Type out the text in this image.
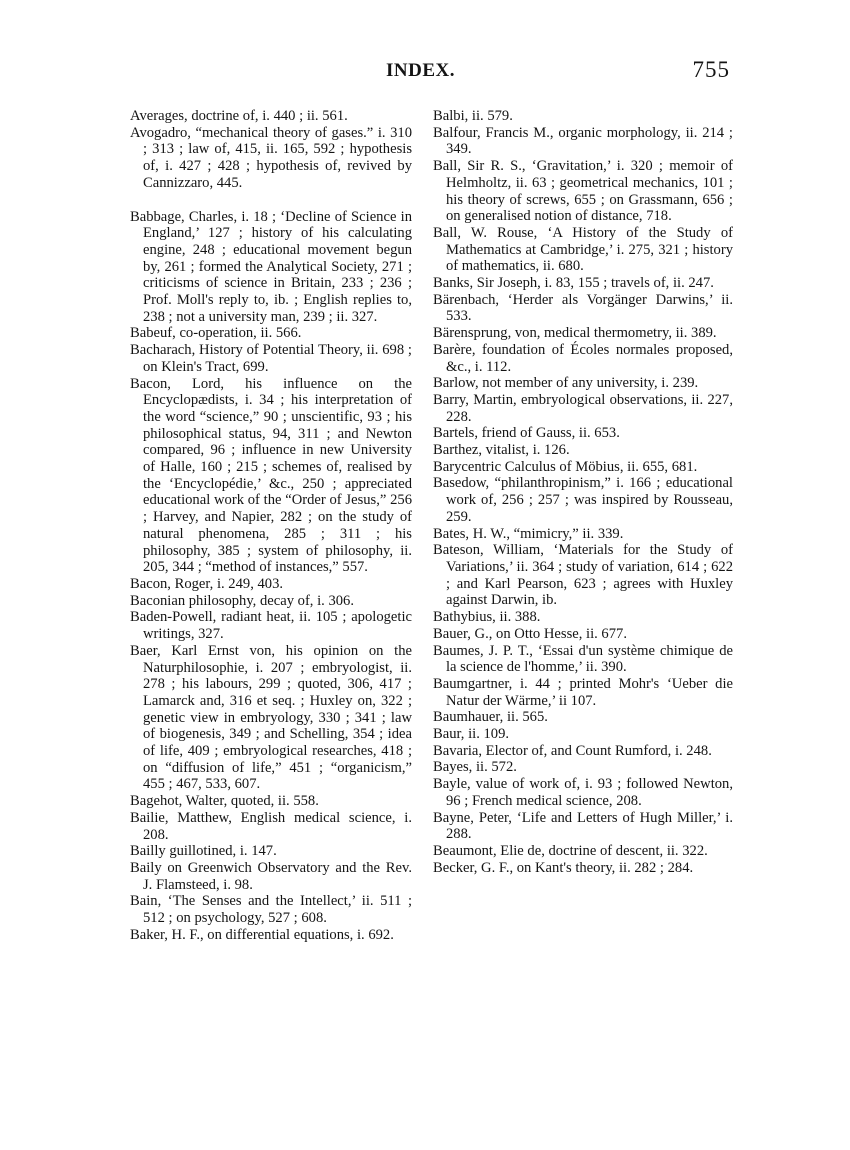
INDEX.	755

Averages, doctrine of, i. 440 ; ii. 561.

Avogadro, “mechanical theory of gases.” i. 310 ; 313 ; law of, 415, ii. 165, 592 ; hypothesis of, i. 427 ; 428 ; hypothesis of, revived by Cannizzaro, 445.

Babbage, Charles, i. 18 ; ‘Decline of Science in England,’ 127 ; history of his calculating engine, 248 ; educational movement begun by, 261 ; formed the Analytical Society, 271 ; criticisms of science in Britain, 233 ; 236 ; Prof. Moll's reply to, ib. ; English replies to, 238 ; not a university man, 239 ; ii. 327.

Babeuf, co-operation, ii. 566.

Bacharach, History of Potential Theory, ii. 698 ; on Klein's Tract, 699.

Bacon, Lord, his influence on the Encyclopædists, i. 34 ; his interpretation of the word “science,” 90 ; unscientific, 93 ; his philosophical status, 94, 311 ; and Newton compared, 96 ; influence in new University of Halle, 160 ; 215 ; schemes of, realised by the ‘Encyclopédie,’ &c., 250 ; appreciated educational work of the “Order of Jesus,” 256 ; Harvey, and Napier, 282 ; on the study of natural phenomena, 285 ; 311 ; his philosophy, 385 ; system of philosophy, ii. 205, 344 ; “method of instances,” 557.

Bacon, Roger, i. 249, 403.

Baconian philosophy, decay of, i. 306.

Baden-Powell, radiant heat, ii. 105 ; apologetic writings, 327.

Baer, Karl Ernst von, his opinion on the Naturphilosophie, i. 207 ; embryologist, ii. 278 ; his labours, 299 ; quoted, 306, 417 ; Lamarck and, 316 et seq. ; Huxley on, 322 ; genetic view in embryology, 330 ; 341 ; law of biogenesis, 349 ; and Schelling, 354 ; idea of life, 409 ; embryological researches, 418 ; on “diffusion of life,” 451 ; “organicism,” 455 ; 467, 533, 607.

Bagehot, Walter, quoted, ii. 558.

Bailie, Matthew, English medical science, i. 208.

Bailly guillotined, i. 147.

Baily on Greenwich Observatory and the Rev. J. Flamsteed, i. 98.

Bain, ‘The Senses and the Intellect,’ ii. 511 ; 512 ; on psychology, 527 ; 608.

Baker, H. F., on differential equations, i. 692.

Balbi, ii. 579.

Balfour, Francis M., organic morphology, ii. 214 ; 349.

Ball, Sir R. S., ‘Gravitation,’ i. 320 ; memoir of Helmholtz, ii. 63 ; geometrical mechanics, 101 ; his theory of screws, 655 ; on Grassmann, 656 ; on generalised notion of distance, 718.

Ball, W. Rouse, ‘A History of the Study of Mathematics at Cambridge,’ i. 275, 321 ; history of mathematics, ii. 680.

Banks, Sir Joseph, i. 83, 155 ; travels of, ii. 247.

Bärenbach, ‘Herder als Vorgänger Darwins,’ ii. 533.

Bärensprung, von, medical thermometry, ii. 389.

Barère, foundation of Écoles normales proposed, &c., i. 112.

Barlow, not member of any university, i. 239.

Barry, Martin, embryological observations, ii. 227, 228.

Bartels, friend of Gauss, ii. 653.

Barthez, vitalist, i. 126.

Barycentric Calculus of Möbius, ii. 655, 681.

Basedow, “philanthropinism,” i. 166 ; educational work of, 256 ; 257 ; was inspired by Rousseau, 259.

Bates, H. W., “mimicry,” ii. 339.

Bateson, William, ‘Materials for the Study of Variations,’ ii. 364 ; study of variation, 614 ; 622 ; and Karl Pearson, 623 ; agrees with Huxley against Darwin, ib.

Bathybius, ii. 388.

Bauer, G., on Otto Hesse, ii. 677.

Baumes, J. P. T., ‘Essai d'un système chimique de la science de l'homme,’ ii. 390.

Baumgartner, i. 44 ; printed Mohr's ‘Ueber die Natur der Wärme,’ ii 107.

Baumhauer, ii. 565.

Baur, ii. 109.

Bavaria, Elector of, and Count Rumford, i. 248.

Bayes, ii. 572.

Bayle, value of work of, i. 93 ; followed Newton, 96 ; French medical science, 208.

Bayne, Peter, ‘Life and Letters of Hugh Miller,’ i. 288.

Beaumont, Elie de, doctrine of descent, ii. 322.

Becker, G. F., on Kant's theory, ii. 282 ; 284.
